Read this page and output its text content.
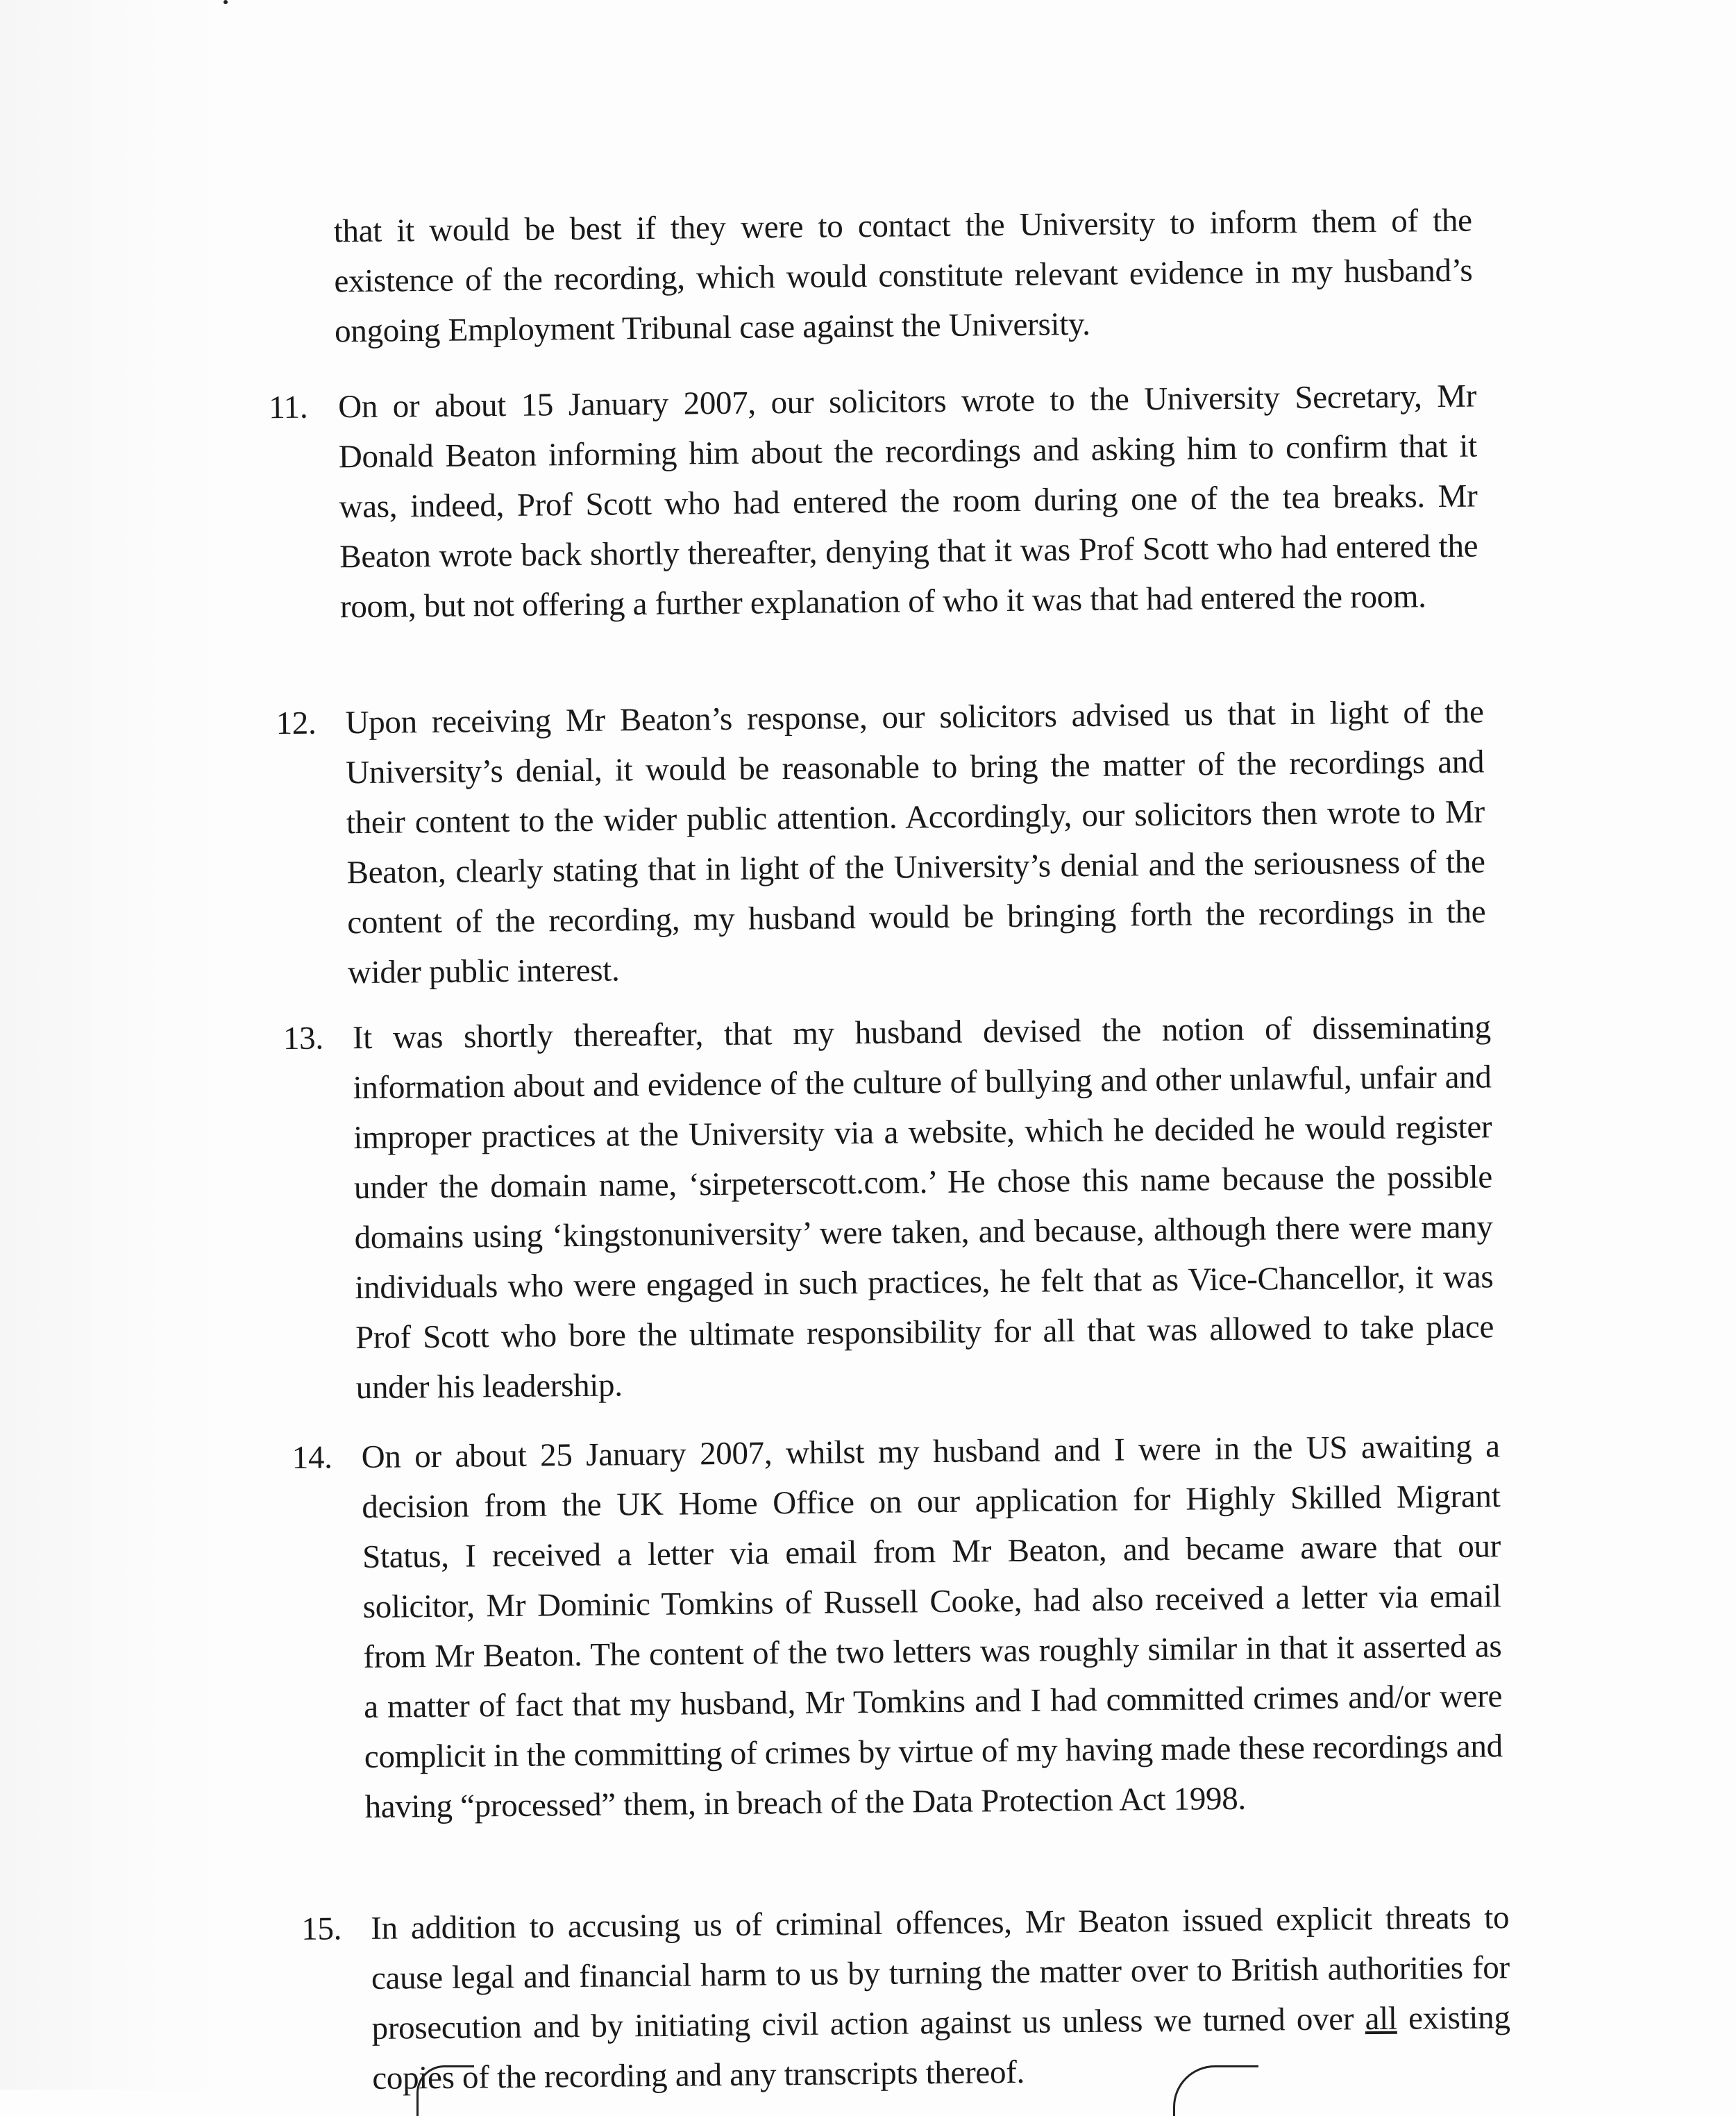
that it would be best if they were to contact the University to inform them of the existence of the recording, which would constitute relevant evidence in my husband’s ongoing Employment Tribunal case against the University.
11. On or about 15 January 2007, our solicitors wrote to the University Secretary, Mr Donald Beaton informing him about the recordings and asking him to confirm that it was, indeed, Prof Scott who had entered the room during one of the tea breaks. Mr Beaton wrote back shortly thereafter, denying that it was Prof Scott who had entered the room, but not offering a further explanation of who it was that had entered the room.
12. Upon receiving Mr Beaton’s response, our solicitors advised us that in light of the University’s denial, it would be reasonable to bring the matter of the recordings and their content to the wider public attention. Accordingly, our solicitors then wrote to Mr Beaton, clearly stating that in light of the University’s denial and the seriousness of the content of the recording, my husband would be bringing forth the recordings in the wider public interest.
13. It was shortly thereafter, that my husband devised the notion of disseminating information about and evidence of the culture of bullying and other unlawful, unfair and improper practices at the University via a website, which he decided he would register under the domain name, ‘sirpeterscott.com.’ He chose this name because the possible domains using ‘kingstonuniversity’ were taken, and because, although there were many individuals who were engaged in such practices, he felt that as Vice-Chancellor, it was Prof Scott who bore the ultimate responsibility for all that was allowed to take place under his leadership.
14. On or about 25 January 2007, whilst my husband and I were in the US awaiting a decision from the UK Home Office on our application for Highly Skilled Migrant Status, I received a letter via email from Mr Beaton, and became aware that our solicitor, Mr Dominic Tomkins of Russell Cooke, had also received a letter via email from Mr Beaton. The content of the two letters was roughly similar in that it asserted as a matter of fact that my husband, Mr Tomkins and I had committed crimes and/or were complicit in the committing of crimes by virtue of my having made these recordings and having “processed” them, in breach of the Data Protection Act 1998.
15. In addition to accusing us of criminal offences, Mr Beaton issued explicit threats to cause legal and financial harm to us by turning the matter over to British authorities for prosecution and by initiating civil action against us unless we turned over all existing copies of the recording and any transcripts thereof.
